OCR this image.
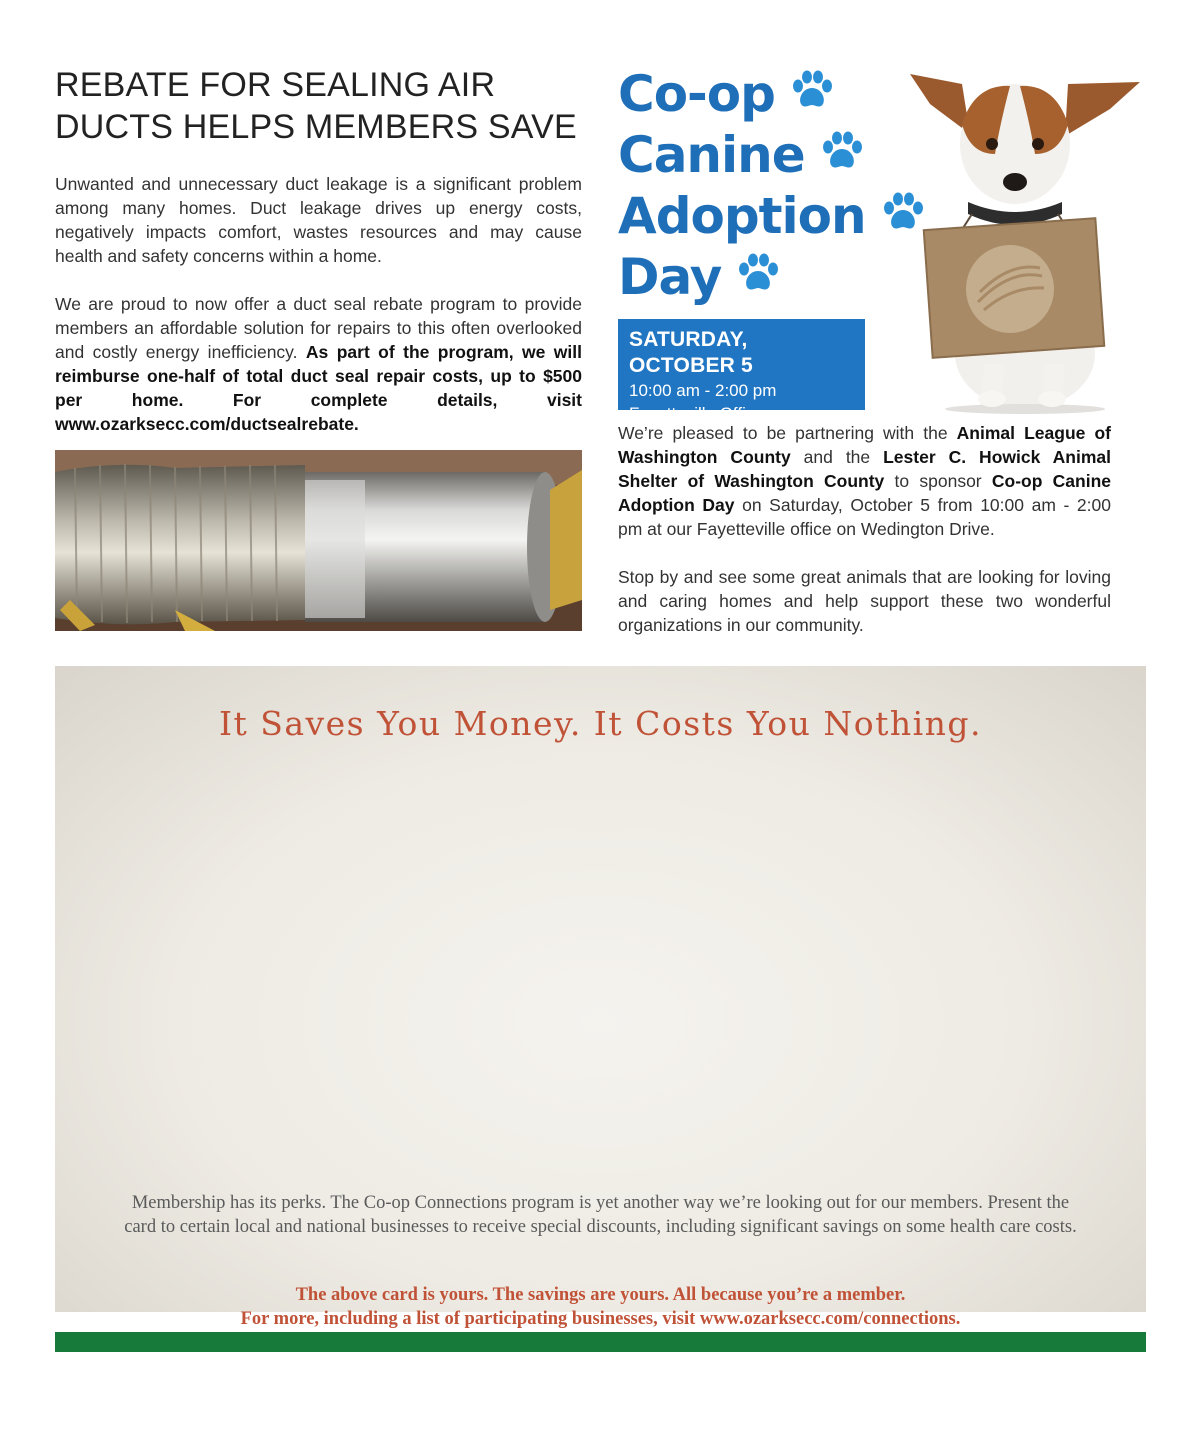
REBATE FOR SEALING AIR DUCTS HELPS MEMBERS SAVE

Unwanted and unnecessary duct leakage is a significant problem among many homes. Duct leakage drives up energy costs, negatively impacts comfort, wastes resources and may cause health and safety concerns within a home.

We are proud to now offer a duct seal rebate program to provide members an affordable solution for repairs to this often overlooked and costly energy inefficiency. As part of the program, we will reimburse one-half of total duct seal repair costs, up to $500 per home. For complete details, visit www.ozarksecc.com/ductsealrebate.

Co-op
Canine
Adoption
Day
SATURDAY, OCTOBER 5
10:00 am - 2:00 pm
Fayetteville Office

We’re pleased to be partnering with the Animal League of Washington County and the Lester C. Howick Animal Shelter of Washington County to sponsor Co-op Canine Adoption Day on Saturday, October 5 from 10:00 am - 2:00 pm at our Fayetteville office on Wedington Drive.

Stop by and see some great animals that are looking for loving and caring homes and help support these two wonderful organizations in our community.

It Saves You Money. It Costs You Nothing.
Membership has its perks. The Co-op Connections program is yet another way we’re looking out for our members. Present the card to certain local and national businesses to receive special discounts, including significant savings on some health care costs.
The above card is yours. The savings are yours. All because you’re a member.
For more, including a list of participating businesses, visit www.ozarksecc.com/connections.
